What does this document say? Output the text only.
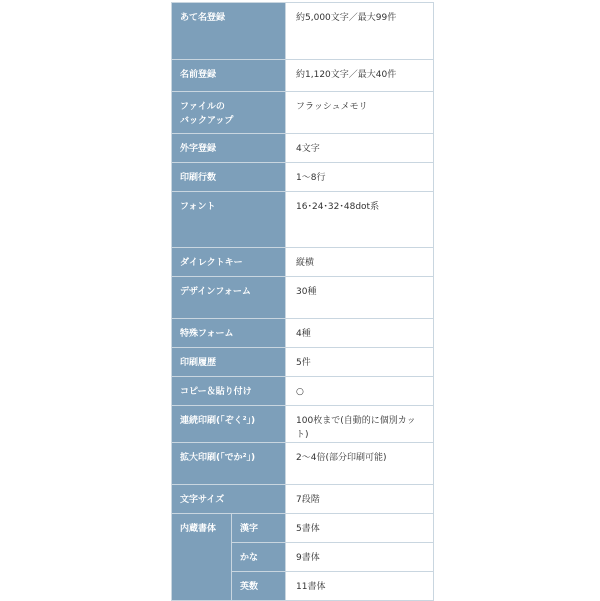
あて名登録		約5,000文字／最大99件
名前登録		約1,120文字／最大40件
ファイルの
バックアップ		フラッシュメモリ
外字登録		4文字
印刷行数		1〜8行
フォント		16･24･32･48dot系
ダイレクトキー		縦横
デザインフォーム		30種
特殊フォーム		4種
印刷履歴		5件
コピー＆貼り付け		○
連続印刷(「ぞく²」)		100枚まで(自動的に個別カット)
拡大印刷(「でか²」)		2〜4倍(部分印刷可能)
文字サイズ		7段階
内蔵書体	漢字	5書体
	かな	9書体
	英数	11書体
